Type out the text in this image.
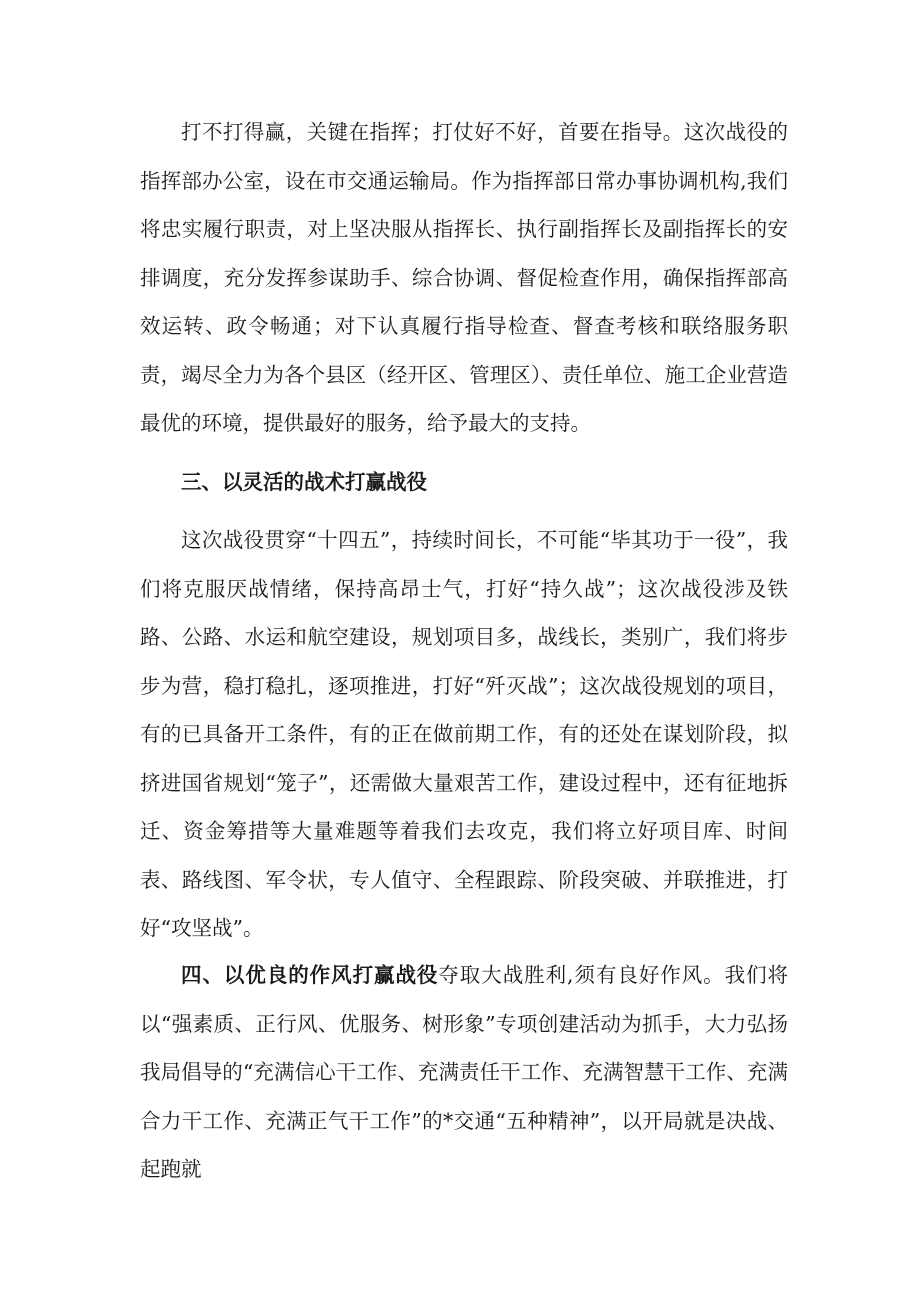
打不打得赢，关键在指挥；打仗好不好，首要在指导。这次战役的指挥部办公室，设在市交通运输局。作为指挥部日常办事协调机构,我们将忠实履行职责，对上坚决服从指挥长、执行副指挥长及副指挥长的安排调度，充分发挥参谋助手、综合协调、督促检查作用，确保指挥部高效运转、政令畅通；对下认真履行指导检查、督查考核和联络服务职责，竭尽全力为各个县区（经开区、管理区）、责任单位、施工企业营造最优的环境，提供最好的服务，给予最大的支持。

三、以灵活的战术打赢战役

这次战役贯穿“十四五”，持续时间长，不可能“毕其功于一役”，我们将克服厌战情绪，保持高昂士气，打好“持久战”；这次战役涉及铁路、公路、水运和航空建设，规划项目多，战线长，类别广，我们将步步为营，稳打稳扎，逐项推进，打好“歼灭战”；这次战役规划的项目，有的已具备开工条件，有的正在做前期工作，有的还处在谋划阶段，拟挤进国省规划“笼子”，还需做大量艰苦工作，建设过程中，还有征地拆迁、资金筹措等大量难题等着我们去攻克，我们将立好项目库、时间表、路线图、军令状，专人值守、全程跟踪、阶段突破、并联推进，打好“攻坚战”。

四、以优良的作风打赢战役夺取大战胜利,须有良好作风。我们将以“强素质、正行风、优服务、树形象”专项创建活动为抓手，大力弘扬我局倡导的“充满信心干工作、充满责任干工作、充满智慧干工作、充满合力干工作、充满正气干工作”的*交通“五种精神”，以开局就是决战、起跑就
